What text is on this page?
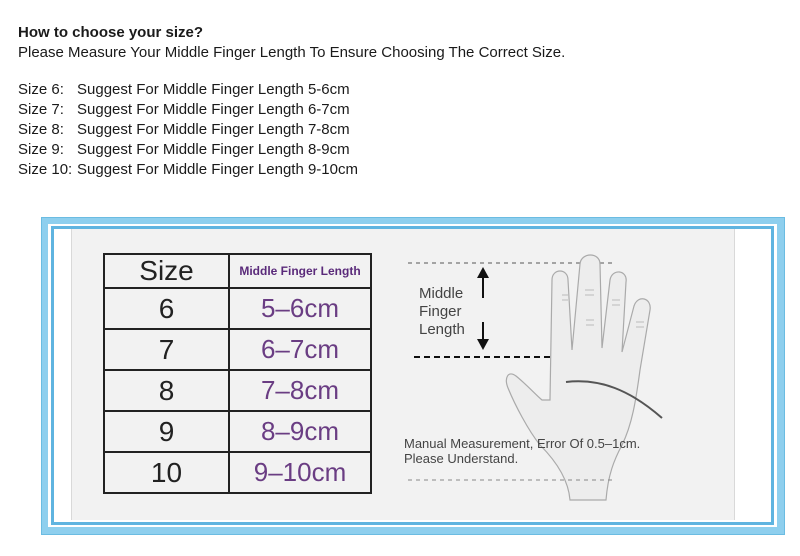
How to choose your size?
Please Measure Your Middle Finger Length To Ensure Choosing The Correct Size.
Size 6: Suggest For Middle Finger Length 5-6cm
Size 7: Suggest For Middle Finger Length 6-7cm
Size 8: Suggest For Middle Finger Length 7-8cm
Size 9: Suggest For Middle Finger Length 8-9cm
Size 10: Suggest For Middle Finger Length 9-10cm
Size	Middle Finger Length
6	5–6cm
7	6–7cm
8	7–8cm
9	8–9cm
10	9–10cm
Middle
Finger
Length
Manual Measurement, Error Of 0.5–1cm.
Please Understand.
